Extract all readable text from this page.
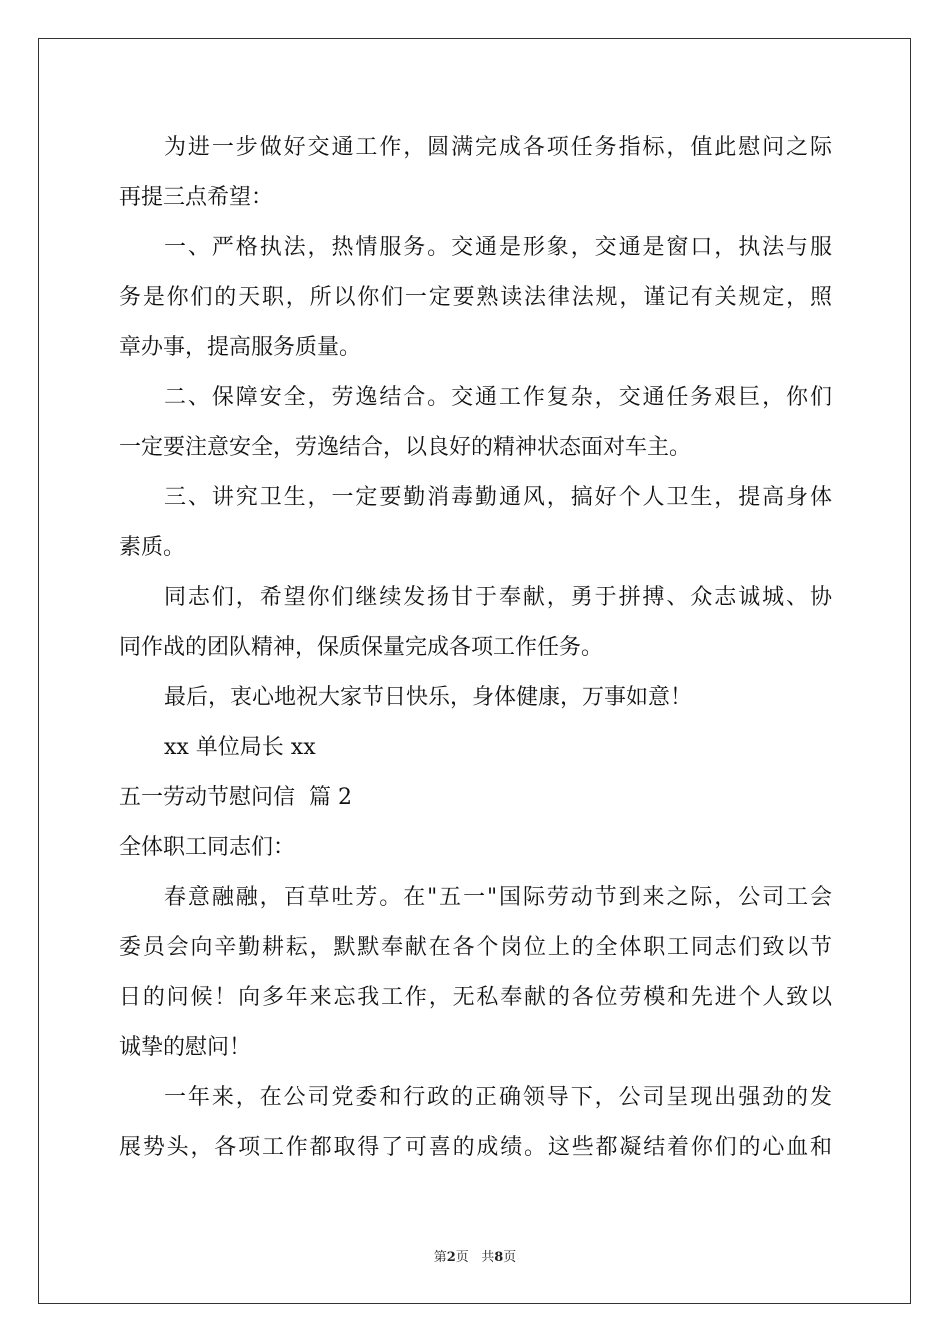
为进一步做好交通工作，圆满完成各项任务指标，值此慰问之际
再提三点希望：
一、严格执法，热情服务。交通是形象，交通是窗口，执法与服
务是你们的天职，所以你们一定要熟读法律法规，谨记有关规定，照
章办事，提高服务质量。
二、保障安全，劳逸结合。交通工作复杂，交通任务艰巨，你们
一定要注意安全，劳逸结合，以良好的精神状态面对车主。
三、讲究卫生，一定要勤消毒勤通风，搞好个人卫生，提高身体
素质。
同志们，希望你们继续发扬甘于奉献，勇于拼搏、众志诚城、协
同作战的团队精神，保质保量完成各项工作任务。
最后，衷心地祝大家节日快乐，身体健康，万事如意！
xx 单位局长 xx
五一劳动节慰问信  篇 2
全体职工同志们：
春意融融，百草吐芳。在"五一"国际劳动节到来之际，公司工会
委员会向辛勤耕耘，默默奉献在各个岗位上的全体职工同志们致以节
日的问候！向多年来忘我工作，无私奉献的各位劳模和先进个人致以
诚挚的慰问！
一年来，在公司党委和行政的正确领导下，公司呈现出强劲的发
展势头，各项工作都取得了可喜的成绩。这些都凝结着你们的心血和
第2页   共8页
